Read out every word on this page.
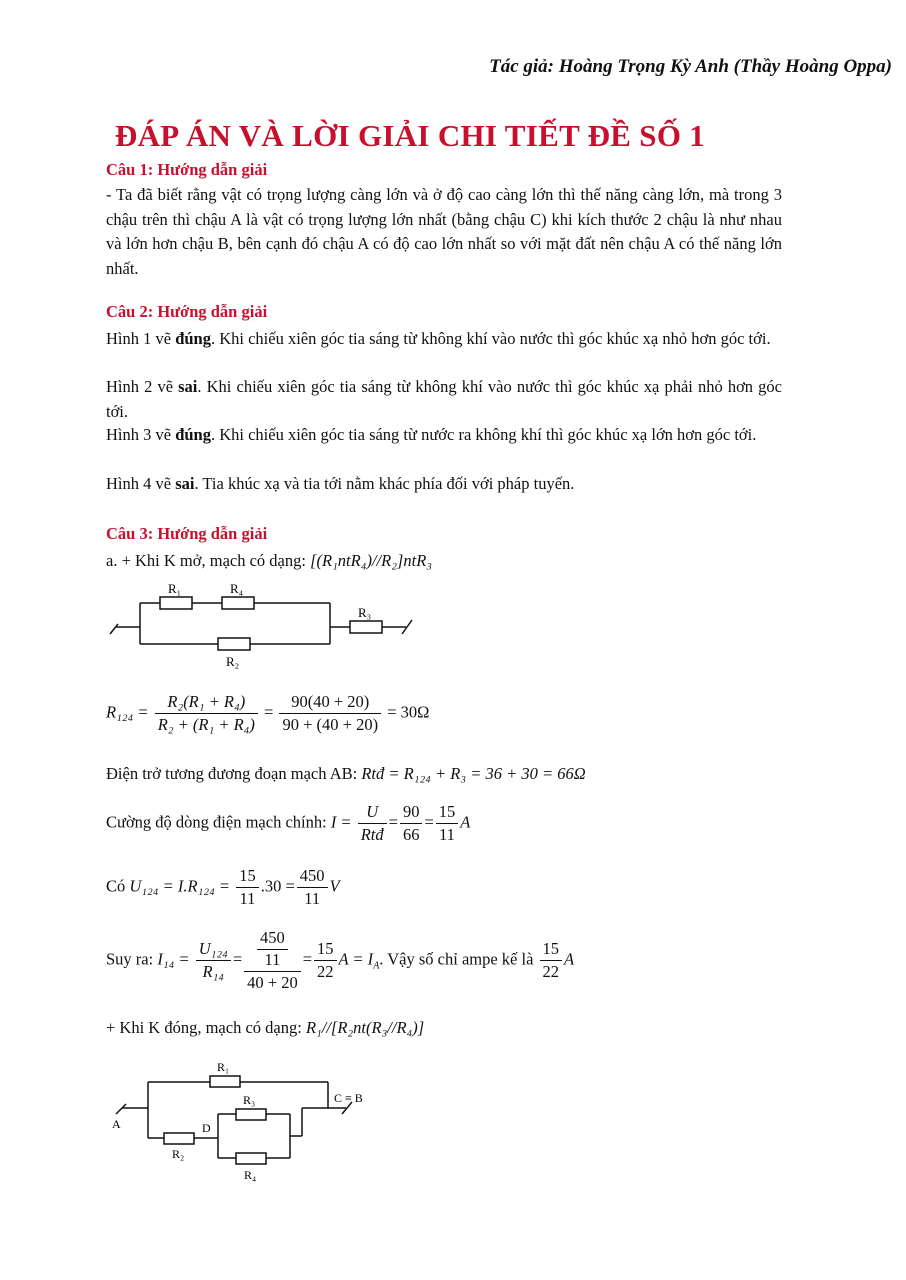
Tác giả: Hoàng Trọng Kỳ Anh (Thầy Hoàng Oppa)
ĐÁP ÁN VÀ LỜI GIẢI CHI TIẾT ĐỀ SỐ 1
Câu 1: Hướng dẫn giải
- Ta đã biết rằng vật có trọng lượng càng lớn và ở độ cao càng lớn thì thế năng càng lớn, mà trong 3 chậu trên thì chậu A là vật có trọng lượng lớn nhất (bằng chậu C) khi kích thước 2 chậu là như nhau và lớn hơn chậu B, bên cạnh đó chậu A có độ cao lớn nhất so với mặt đất nên chậu A có thế năng lớn nhất.
Câu 2: Hướng dẫn giải
Hình 1 vẽ đúng. Khi chiếu xiên góc tia sáng từ không khí vào nước thì góc khúc xạ nhỏ hơn góc tới.
Hình 2 vẽ sai. Khi chiếu xiên góc tia sáng từ không khí vào nước thì góc khúc xạ phải nhỏ hơn góc tới.
Hình 3 vẽ đúng. Khi chiếu xiên góc tia sáng từ nước ra không khí thì góc khúc xạ lớn hơn góc tới.
Hình 4 vẽ sai. Tia khúc xạ và tia tới nằm khác phía đối với pháp tuyến.
Câu 3: Hướng dẫn giải
a. + Khi K mở, mạch có dạng: [(R₁ntR₄)//R₂]ntR₃
R₁	R₄
R₂
R₃
$R_{124} = \frac{\text{R₂(R₁ + R₄)}}{\text{R₂ + (R₁ + R₄)}} = \frac{90(40 + 20)}{90 + (40 + 20)} = 30\Omega$
Điện trở tương đương đoạn mạch AB: Rtđ = R₁₂₄ + R₃ = 36 + 30 = 66Ω
Cường độ dòng điện mạch chính: $I = \frac{U}{\text{Rtđ}} = \frac{90}{66} = \frac{15}{11}$ A
Có $U_{124} = I.R_{124} = \frac{15}{11} .30 = \frac{450}{11}$ V
Suy ra: $I_{14} = \frac{\text{U₁₂₄}}{\text{R₁₄}} = \frac{\frac{450}{11}}{40 + 20} = \frac{15}{22}$ $A = I_A$. Vậy số chỉ ampe kế là $\frac{15}{22}$ A
+ Khi K đóng, mạch có dạng: R₁//[R₂nt(R₃//R₄)]
R₁
R₃
R₂
R₄
A	D
C ≡ B
